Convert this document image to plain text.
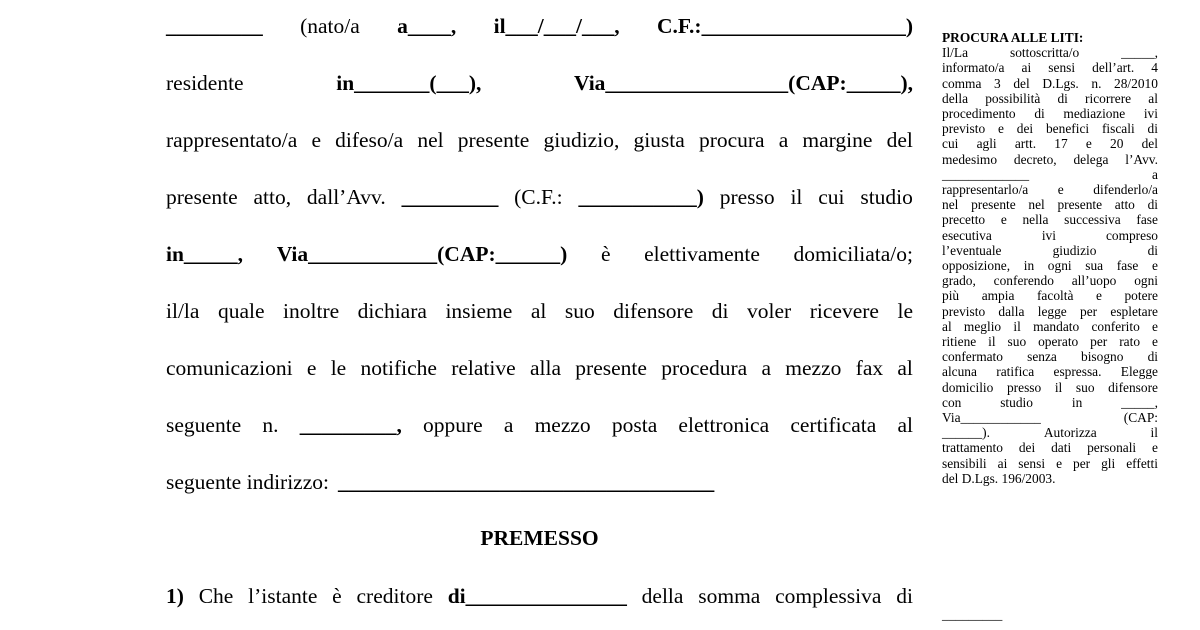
_________ (nato/a a____, il___/___/___, C.F.:___________________)
residente	in_______(___),	Via_________________(CAP:_____),
rappresentato/a e difeso/a nel presente giudizio, giusta procura a margine del
presente atto, dall’Avv. _________ (C.F.: ___________) presso il cui studio
in_____, Via____________(CAP:______) è elettivamente domiciliata/o;
il/la quale inoltre dichiara insieme al suo difensore di voler ricevere le
comunicazioni e le notifiche relative alla presente procedura a mezzo fax al
seguente n. _________, oppure a mezzo posta elettronica certificata al
seguente indirizzo: ___________________________________
PREMESSO
1) Che l’istante è creditore di_______________ della somma complessiva di
PROCURA ALLE LITI:
Il/La	sottoscritta/o	_____,
informato/a ai sensi dell’art. 4
comma 3 del D.Lgs. n. 28/2010
della possibilità di ricorrere al
procedimento di mediazione ivi
previsto e dei benefici fiscali di
cui agli artt. 17 e 20 del
medesimo decreto, delega l’Avv.
_____________	a
rappresentarlo/a e difenderlo/a
nel presente nel presente atto di
precetto e nella successiva fase
esecutiva	ivi	compreso
l’eventuale	giudizio	di
opposizione, in ogni sua fase e
grado, conferendo all’uopo ogni
più ampia facoltà e potere
previsto dalla legge per espletare
al meglio il mandato conferito e
ritiene il suo operato per rato e
confermato senza bisogno di
alcuna ratifica espressa. Elegge
domicilio presso il suo difensore
con	studio	in	_____,
Via____________	(CAP:
______).	Autorizza	il
trattamento dei dati personali e
sensibili ai sensi e per gli effetti
del D.Lgs. 196/2003.
_________
